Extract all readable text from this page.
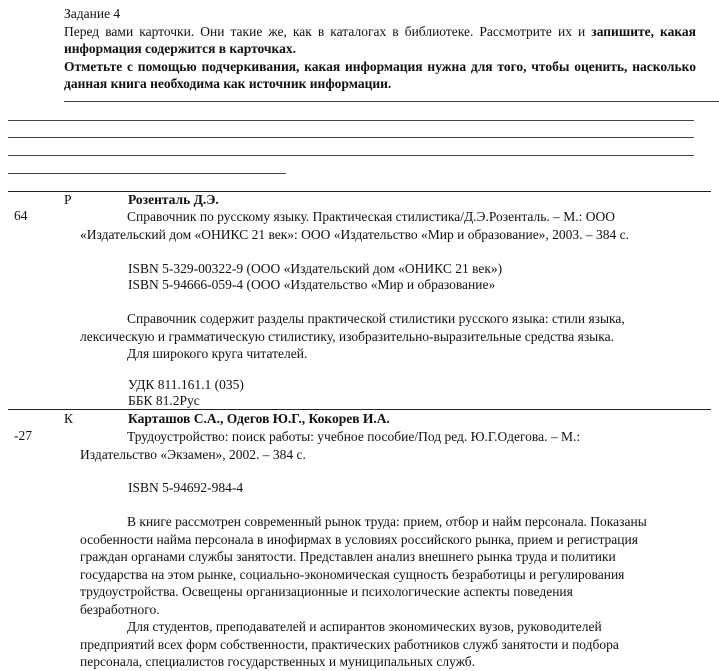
Задание 4
Перед вами карточки. Они такие же, как в каталогах в библиотеке. Рассмотрите их и запишите, какая информация содержится в карточках.
Отметьте с помощью подчеркивания, какая информация нужна для того, чтобы оценить, насколько данная книга необходима как источник информации.
Р	Розенталь Д.Э.
64	Справочник по русскому языку. Практическая стилистика/Д.Э.Розенталь. – М.: ООО
«Издательский дом «ОНИКС 21 век»: ООО «Издательство «Мир и образование», 2003. – 384 с.
ISBN 5-329-00322-9 (ООО «Издательский дом «ОНИКС 21 век»)
ISBN 5-94666-059-4 (ООО «Издательство «Мир и образование»
Справочник содержит разделы практической стилистики русского языка: стили языка,
лексическую и грамматическую стилистику, изобразительно-выразительные средства языка.
Для широкого круга читателей.
УДК 811.161.1 (035)
ББК 81.2Рус
К	Карташов С.А., Одегов Ю.Г., Кокорев И.А.
-27	Трудоустройство: поиск работы: учебное пособие/Под ред. Ю.Г.Одегова. – М.:
Издательство «Экзамен», 2002. – 384 с.
ISBN 5-94692-984-4
В книге рассмотрен современный рынок труда: прием, отбор и найм персонала. Показаны
особенности найма персонала в инофирмах в условиях российского рынка, прием и регистрация
граждан органами службы занятости. Представлен анализ внешнего рынка труда и политики
государства на этом рынке, социально-экономическая сущность безработицы и регулирования
трудоустройства. Освещены организационные и психологические аспекты поведения
безработного.
Для студентов, преподавателей и аспирантов экономических вузов, руководителей
предприятий всех форм собственности, практических работников служб занятости и подбора
персонала, специалистов государственных и муниципальных служб.
